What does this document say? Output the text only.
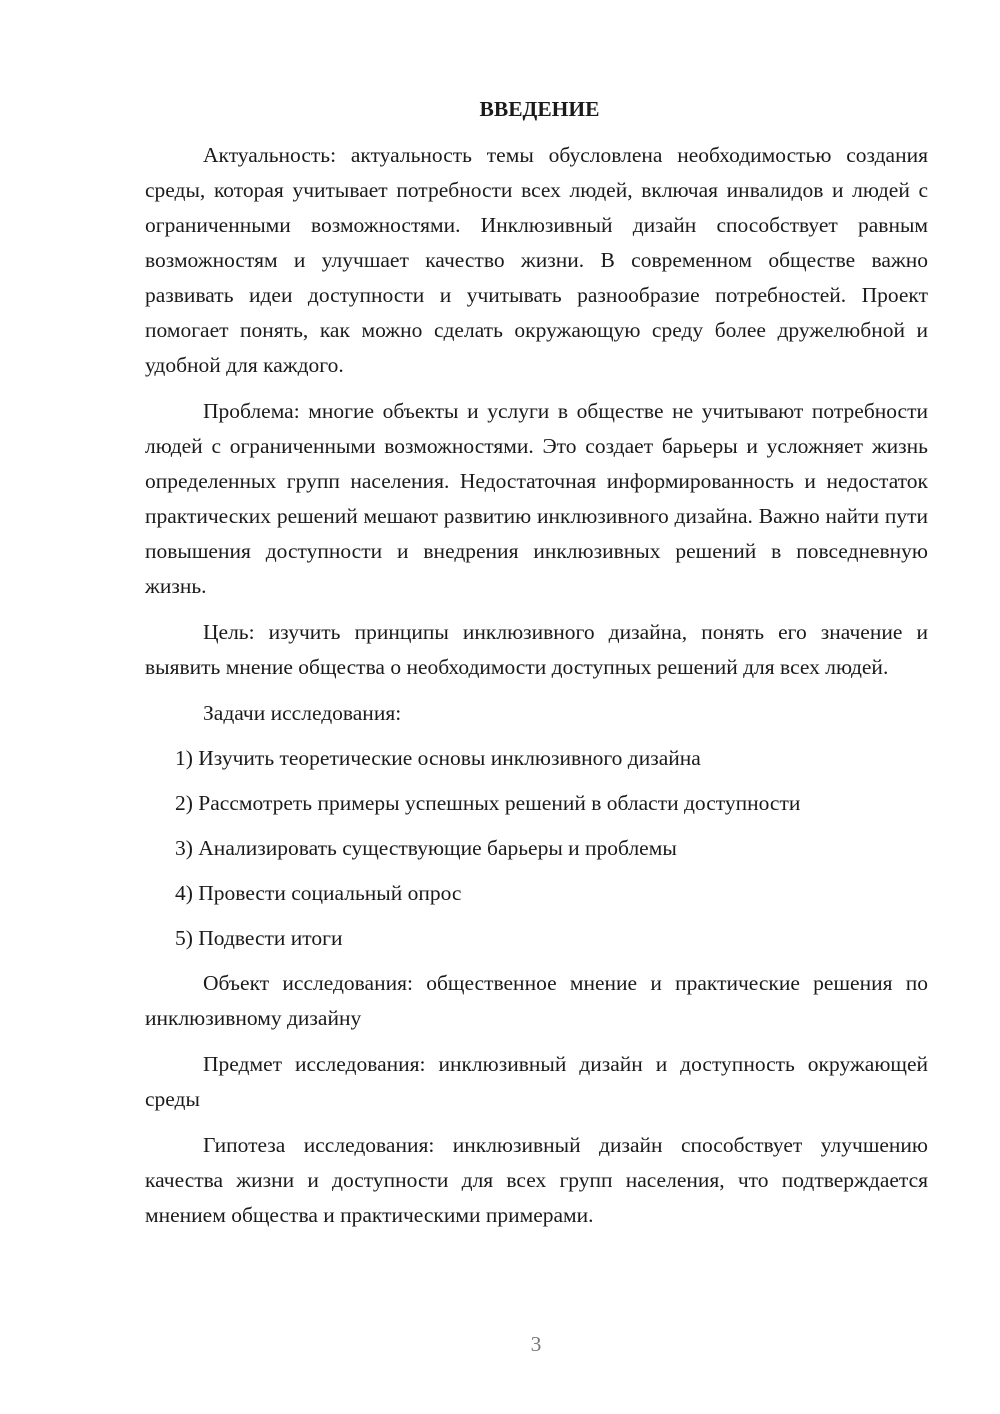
ВВЕДЕНИЕ

Актуальность: актуальность темы обусловлена необходимостью создания среды, которая учитывает потребности всех людей, включая инвалидов и людей с ограниченными возможностями. Инклюзивный дизайн способствует равным возможностям и улучшает качество жизни. В современном обществе важно развивать идеи доступности и учитывать разнообразие потребностей. Проект помогает понять, как можно сделать окружающую среду более дружелюбной и удобной для каждого.

Проблема: многие объекты и услуги в обществе не учитывают потребности людей с ограниченными возможностями. Это создает барьеры и усложняет жизнь определенных групп населения. Недостаточная информированность и недостаток практических решений мешают развитию инклюзивного дизайна. Важно найти пути повышения доступности и внедрения инклюзивных решений в повседневную жизнь.

Цель: изучить принципы инклюзивного дизайна, понять его значение и выявить мнение общества о необходимости доступных решений для всех людей.

Задачи исследования:
1) Изучить теоретические основы инклюзивного дизайна
2) Рассмотреть примеры успешных решений в области доступности
3) Анализировать существующие барьеры и проблемы
4) Провести социальный опрос
5) Подвести итоги

Объект исследования: общественное мнение и практические решения по инклюзивному дизайну

Предмет исследования: инклюзивный дизайн и доступность окружающей среды

Гипотеза исследования: инклюзивный дизайн способствует улучшению качества жизни и доступности для всех групп населения, что подтверждается мнением общества и практическими примерами.

3
